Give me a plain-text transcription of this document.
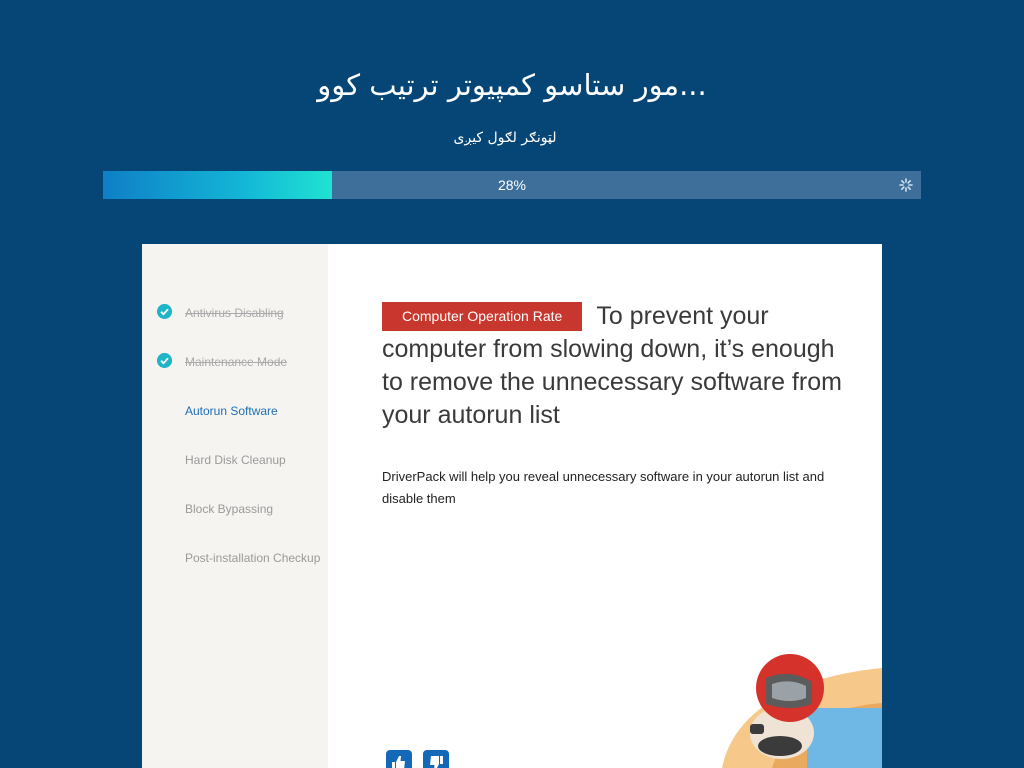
...مور ستاسو کمپیوتر ترتیب کوو
لټونګر لګول کیږی
28%
Antivirus Disabling
Maintenance Mode
Autorun Software
Hard Disk Cleanup
Block Bypassing
Post-installation Checkup

Computer Operation Rate To prevent your computer from slowing down, it’s enough to remove the unnecessary software from your autorun list

DriverPack will help you reveal unnecessary software in your autorun list and disable them
